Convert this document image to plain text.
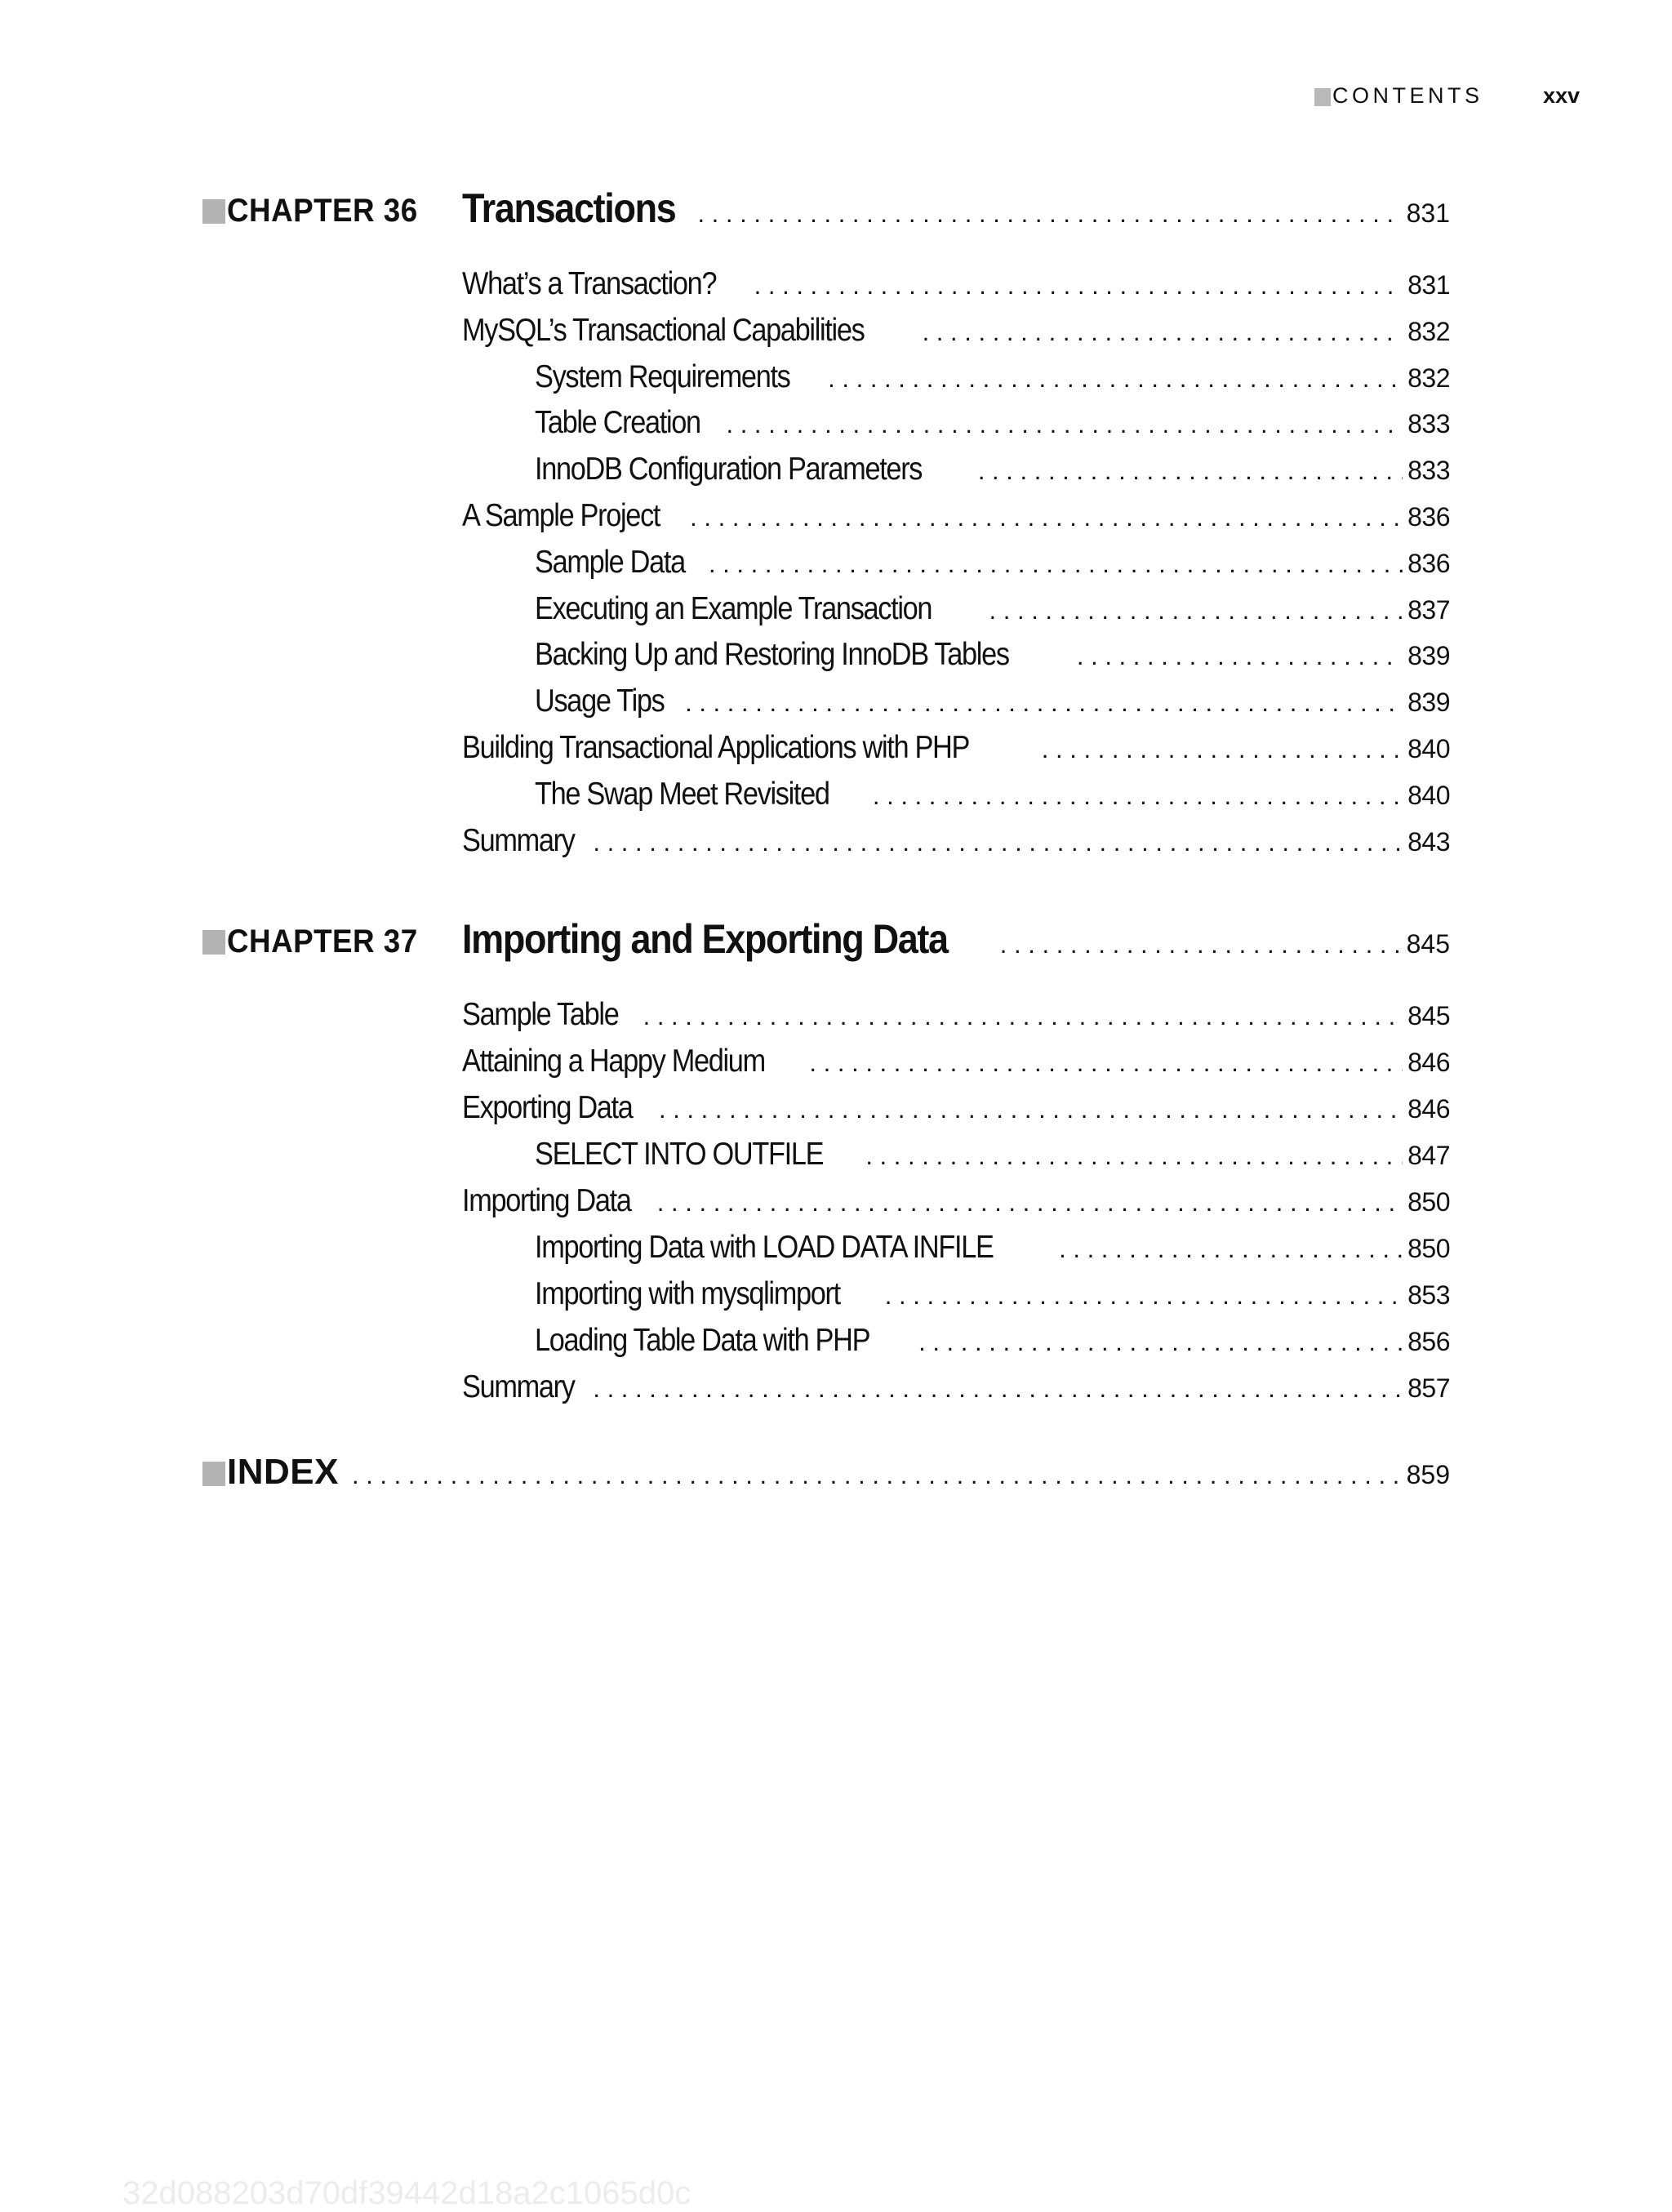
CONTENTS	xxv
CHAPTER 36 Transactions . . .	831
What’s a Transaction? . . .	831
MySQL’s Transactional Capabilities . . .	832
System Requirements . . .	832
Table Creation . . .	833
InnoDB Configuration Parameters . . .	833
A Sample Project . . .	836
Sample Data . . .	836
Executing an Example Transaction . . .	837
Backing Up and Restoring InnoDB Tables . . .	839
Usage Tips . . .	839
Building Transactional Applications with PHP . . .	840
The Swap Meet Revisited . . .	840
Summary . . .	843
CHAPTER 37 Importing and Exporting Data . . .	845
Sample Table . . .	845
Attaining a Happy Medium . . .	846
Exporting Data . . .	846
SELECT INTO OUTFILE . . .	847
Importing Data . . .	850
Importing Data with LOAD DATA INFILE . . .	850
Importing with mysqlimport . . .	853
Loading Table Data with PHP . . .	856
Summary . . .	857
INDEX . . .	859
32d088203d70df39442d18a2c1065d0c
